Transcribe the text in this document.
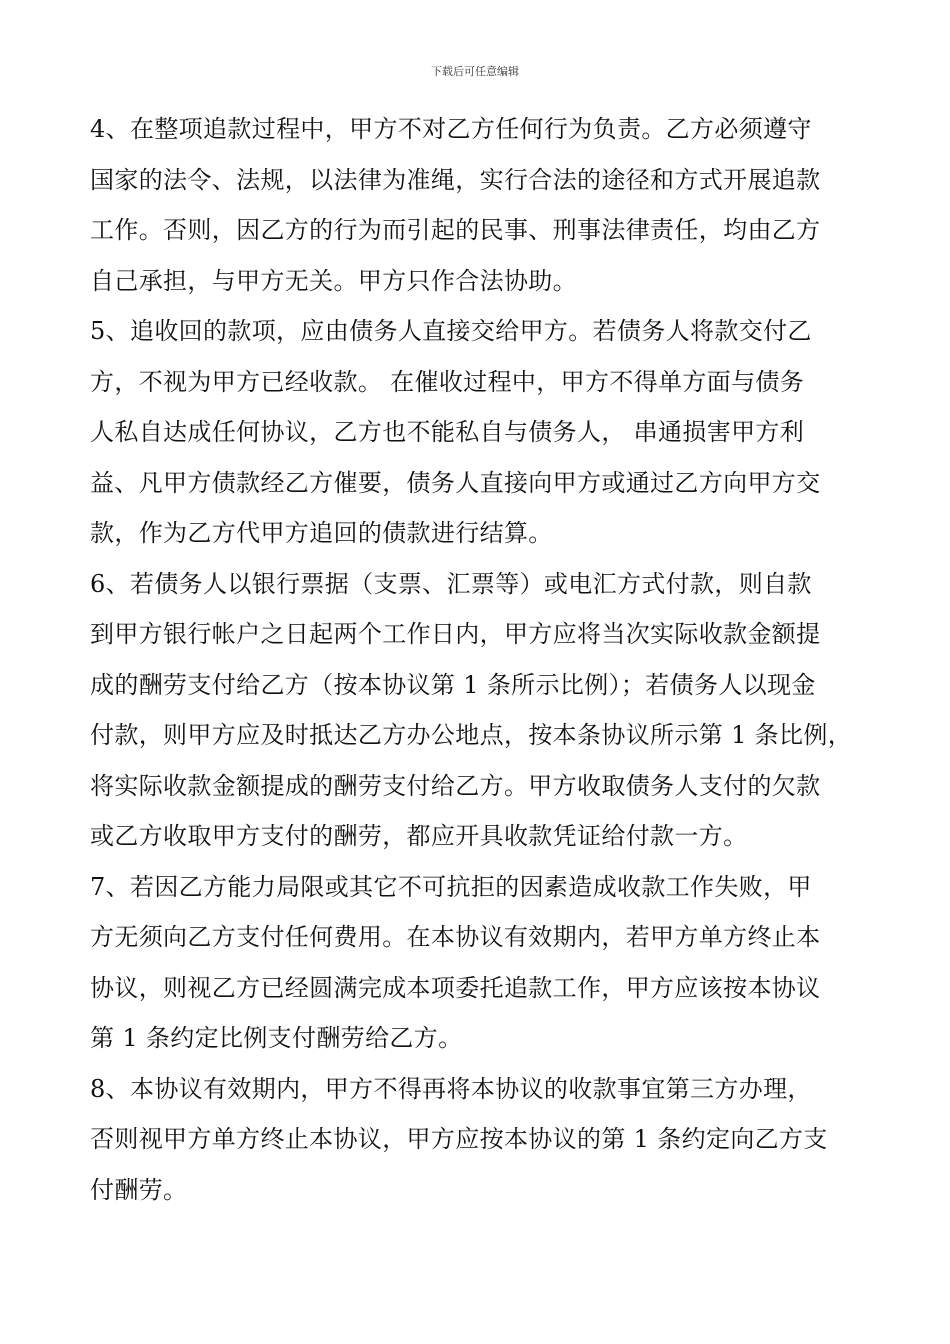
下载后可任意编辑
4、在整项追款过程中，甲方不对乙方任何行为负责。乙方必须遵守
国家的法令、法规，以法律为准绳，实行合法的途径和方式开展追款
工作。否则，因乙方的行为而引起的民事、刑事法律责任，均由乙方
自己承担，与甲方无关。甲方只作合法协助。
5、追收回的款项，应由债务人直接交给甲方。若债务人将款交付乙
方，不视为甲方已经收款。 在催收过程中，甲方不得单方面与债务
人私自达成任何协议，乙方也不能私自与债务人， 串通损害甲方利
益、凡甲方债款经乙方催要，债务人直接向甲方或通过乙方向甲方交
款，作为乙方代甲方追回的债款进行结算。
6、若债务人以银行票据（支票、汇票等）或电汇方式付款，则自款
到甲方银行帐户之日起两个工作日内，甲方应将当次实际收款金额提
成的酬劳支付给乙方（按本协议第 1 条所示比例）；若债务人以现金
付款，则甲方应及时抵达乙方办公地点，按本条协议所示第 1 条比例，
将实际收款金额提成的酬劳支付给乙方。甲方收取债务人支付的欠款
或乙方收取甲方支付的酬劳，都应开具收款凭证给付款一方。
7、若因乙方能力局限或其它不可抗拒的因素造成收款工作失败，甲
方无须向乙方支付任何费用。在本协议有效期内，若甲方单方终止本
协议，则视乙方已经圆满完成本项委托追款工作，甲方应该按本协议
第 1 条约定比例支付酬劳给乙方。
8、本协议有效期内，甲方不得再将本协议的收款事宜第三方办理，
否则视甲方单方终止本协议，甲方应按本协议的第 1 条约定向乙方支
付酬劳。
